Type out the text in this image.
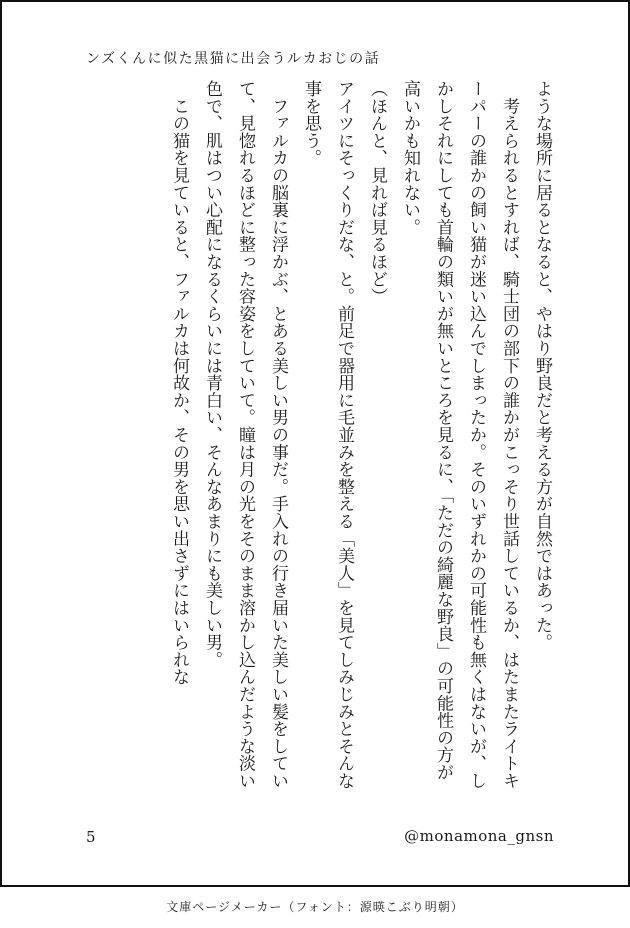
ンズくんに似た黒猫に出会うルカおじの話

ような場所に居るとなると、やはり野良だと考える方が自然ではあった。

　考えられるとすれば、騎士団の部下の誰かがこっそり世話しているか、はたまたライトキーパーの誰かの飼い猫が迷い込んでしまったか。そのいずれかの可能性も無くはないが、しかしそれにしても首輪の類いが無いところを見るに、「ただの綺麗な野良」の可能性の方が高いかも知れない。

（ほんと、見れば見るほど）

アイツにそっくりだな、と。前足で器用に毛並みを整える「美人」を見てしみじみとそんな事を思う。

　ファルカの脳裏に浮かぶ、とある美しい男の事だ。手入れの行き届いた美しい髪をしていて、見惚れるほどに整った容姿をしていて。瞳は月の光をそのまま溶かし込んだような淡い色で、肌はつい心配になるくらいには青白い、そんなあまりにも美しい男。

　この猫を見ていると、ファルカは何故か、その男を思い出さずにはいられな

5	@monamona_gnsn
文庫ページメーカー（フォント：源暎こぶり明朝）
